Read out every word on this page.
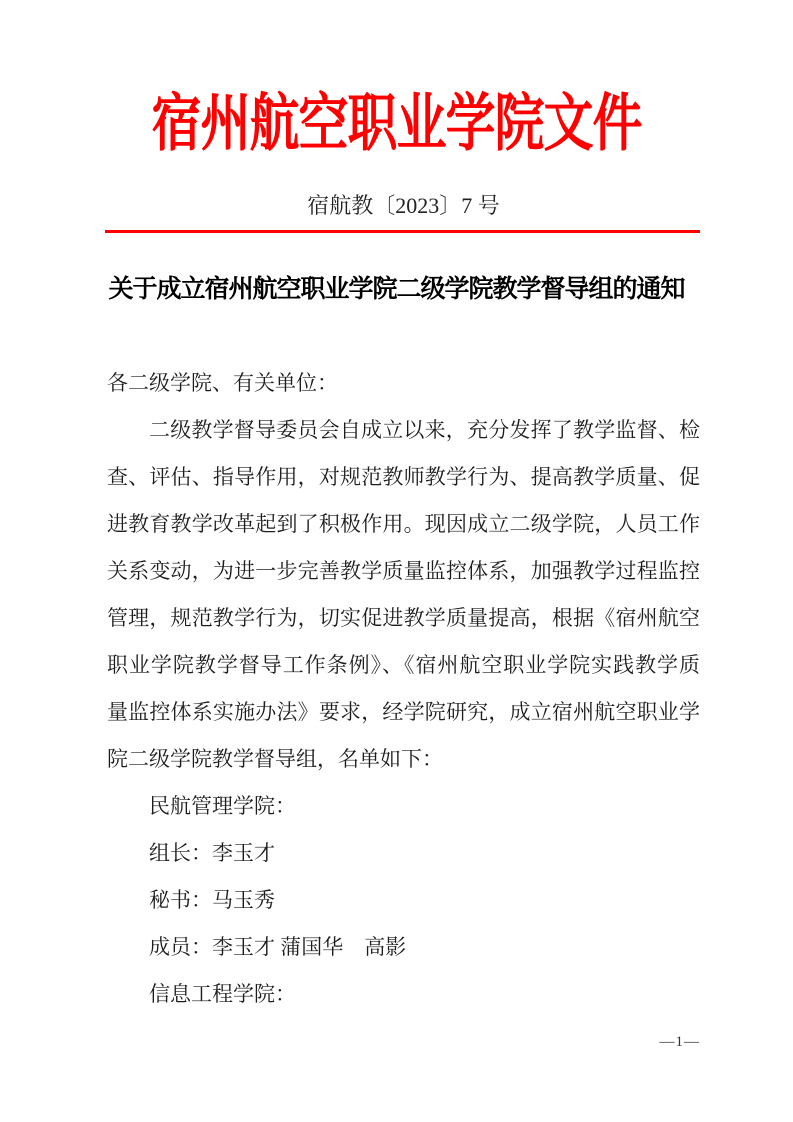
宿州航空职业学院文件
宿航教〔2023〕7 号
关于成立宿州航空职业学院二级学院教学督导组的通知
各二级学院、有关单位：
二级教学督导委员会自成立以来，充分发挥了教学监督、检
查、评估、指导作用，对规范教师教学行为、提高教学质量、促
进教育教学改革起到了积极作用。现因成立二级学院，人员工作
关系变动，为进一步完善教学质量监控体系，加强教学过程监控
管理，规范教学行为，切实促进教学质量提高，根据《宿州航空
职业学院教学督导工作条例》、《宿州航空职业学院实践教学质
量监控体系实施办法》要求，经学院研究，成立宿州航空职业学
院二级学院教学督导组，名单如下：
民航管理学院：
组长：李玉才
秘书：马玉秀
成员：李玉才 蒲国华　高影
信息工程学院：
—1—
